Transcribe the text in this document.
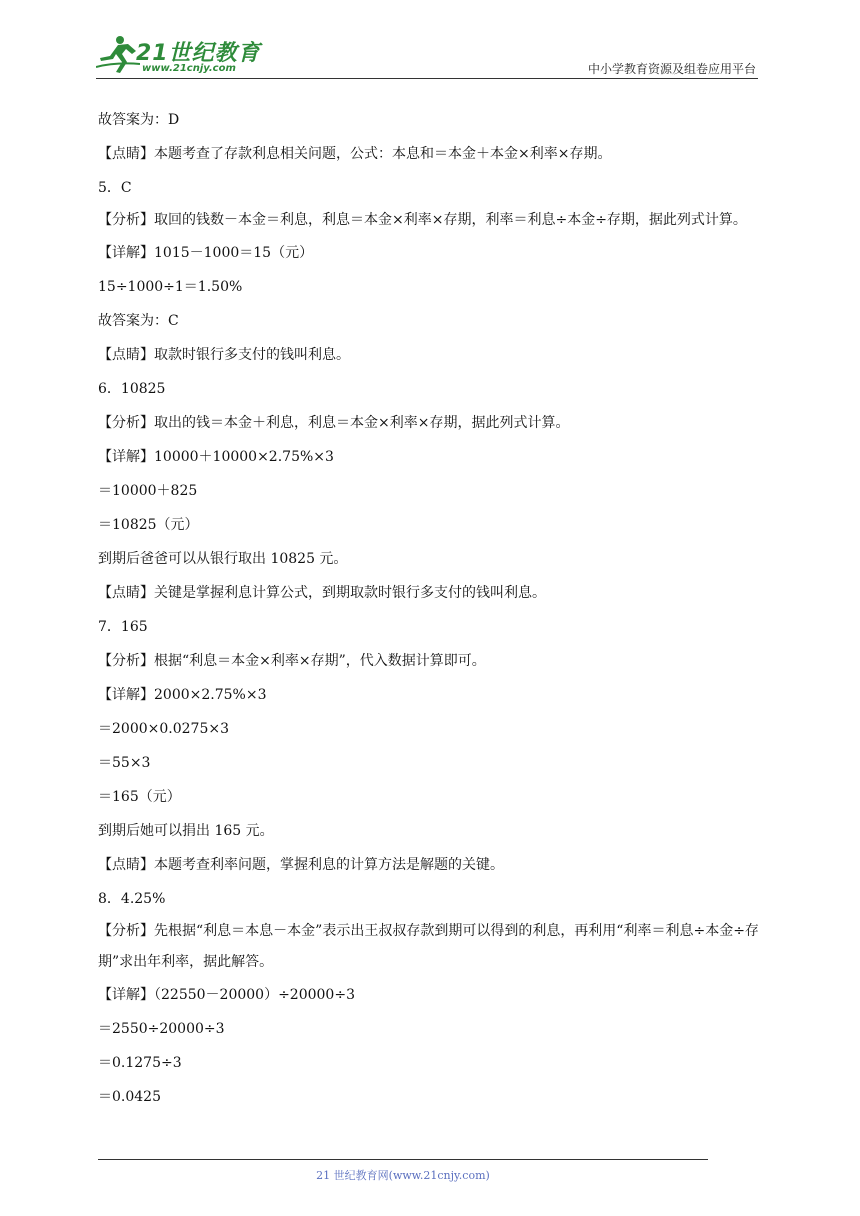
21世纪教育
www.21cnjy.com	中小学教育资源及组卷应用平台
故答案为：D
【点睛】本题考查了存款利息相关问题，公式：本息和＝本金＋本金×利率×存期。
5．C
【分析】取回的钱数－本金＝利息，利息＝本金×利率×存期，利率＝利息÷本金÷存期，据此列式计算。
【详解】1015－1000＝15（元）
15÷1000÷1＝1.50%
故答案为：C
【点睛】取款时银行多支付的钱叫利息。
6．10825
【分析】取出的钱＝本金＋利息，利息＝本金×利率×存期，据此列式计算。
【详解】10000＋10000×2.75%×3
＝10000＋825
＝10825（元）
到期后爸爸可以从银行取出 10825 元。
【点睛】关键是掌握利息计算公式，到期取款时银行多支付的钱叫利息。
7．165
【分析】根据“利息＝本金×利率×存期”，代入数据计算即可。
【详解】2000×2.75%×3
＝2000×0.0275×3
＝55×3
＝165（元）
到期后她可以捐出 165 元。
【点睛】本题考查利率问题，掌握利息的计算方法是解题的关键。
8．4.25%
【分析】先根据“利息＝本息－本金”表示出王叔叔存款到期可以得到的利息，再利用“利率＝利息÷本金÷存期”求出年利率，据此解答。
【详解】（22550－20000）÷20000÷3
＝2550÷20000÷3
＝0.1275÷3
＝0.0425
21 世纪教育网(www.21cnjy.com)
